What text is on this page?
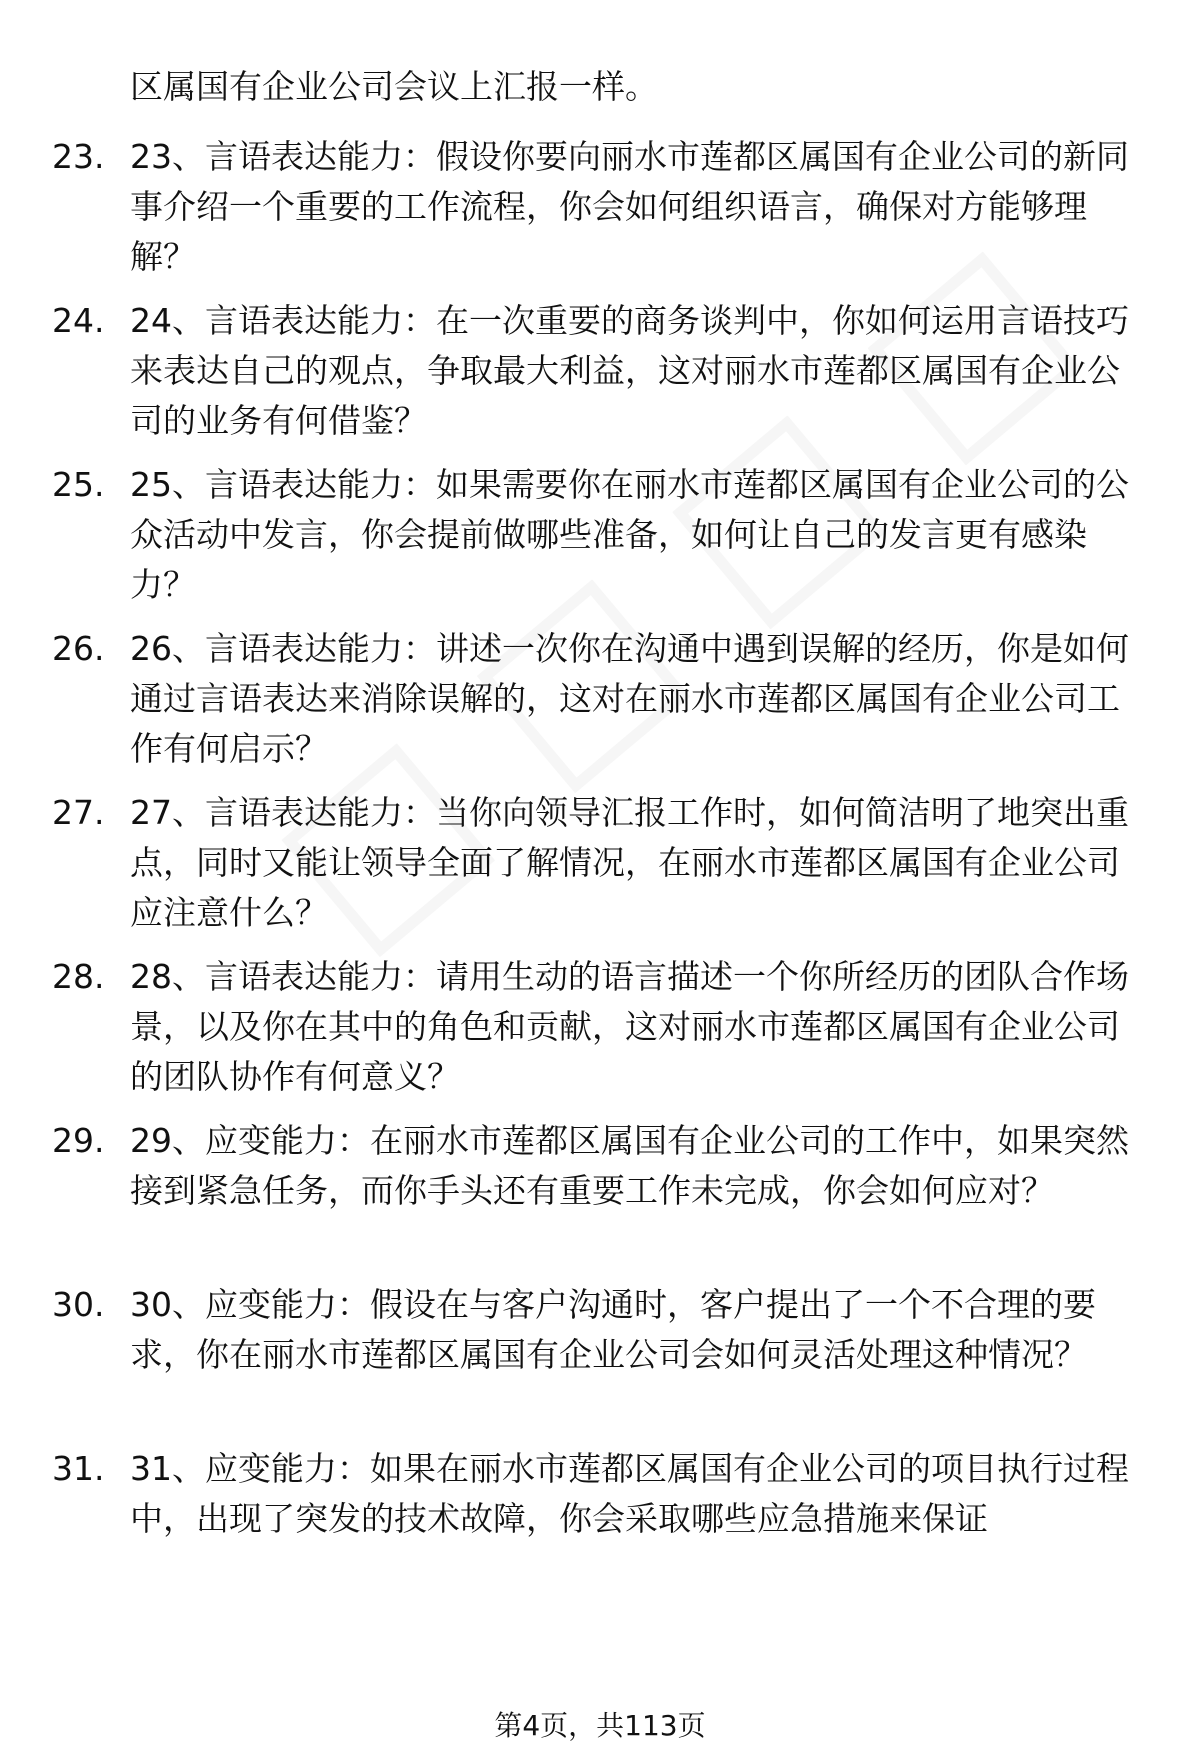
区属国有企业公司会议上汇报一样。

23. 23、言语表达能力：假设你要向丽水市莲都区属国有企业公司的新同事介绍一个重要的工作流程，你会如何组织语言，确保对方能够理解？

24. 24、言语表达能力：在一次重要的商务谈判中，你如何运用言语技巧来表达自己的观点，争取最大利益，这对丽水市莲都区属国有企业公司的业务有何借鉴？

25. 25、言语表达能力：如果需要你在丽水市莲都区属国有企业公司的公众活动中发言，你会提前做哪些准备，如何让自己的发言更有感染力？

26. 26、言语表达能力：讲述一次你在沟通中遇到误解的经历，你是如何通过言语表达来消除误解的，这对在丽水市莲都区属国有企业公司工作有何启示？

27. 27、言语表达能力：当你向领导汇报工作时，如何简洁明了地突出重点，同时又能让领导全面了解情况，在丽水市莲都区属国有企业公司应注意什么？

28. 28、言语表达能力：请用生动的语言描述一个你所经历的团队合作场景，以及你在其中的角色和贡献，这对丽水市莲都区属国有企业公司的团队协作有何意义？

29. 29、应变能力：在丽水市莲都区属国有企业公司的工作中，如果突然接到紧急任务，而你手头还有重要工作未完成，你会如何应对？

30. 30、应变能力：假设在与客户沟通时，客户提出了一个不合理的要求，你在丽水市莲都区属国有企业公司会如何灵活处理这种情况？

31. 31、应变能力：如果在丽水市莲都区属国有企业公司的项目执行过程中，出现了突发的技术故障，你会采取哪些应急措施来保证

第4页，共113页
